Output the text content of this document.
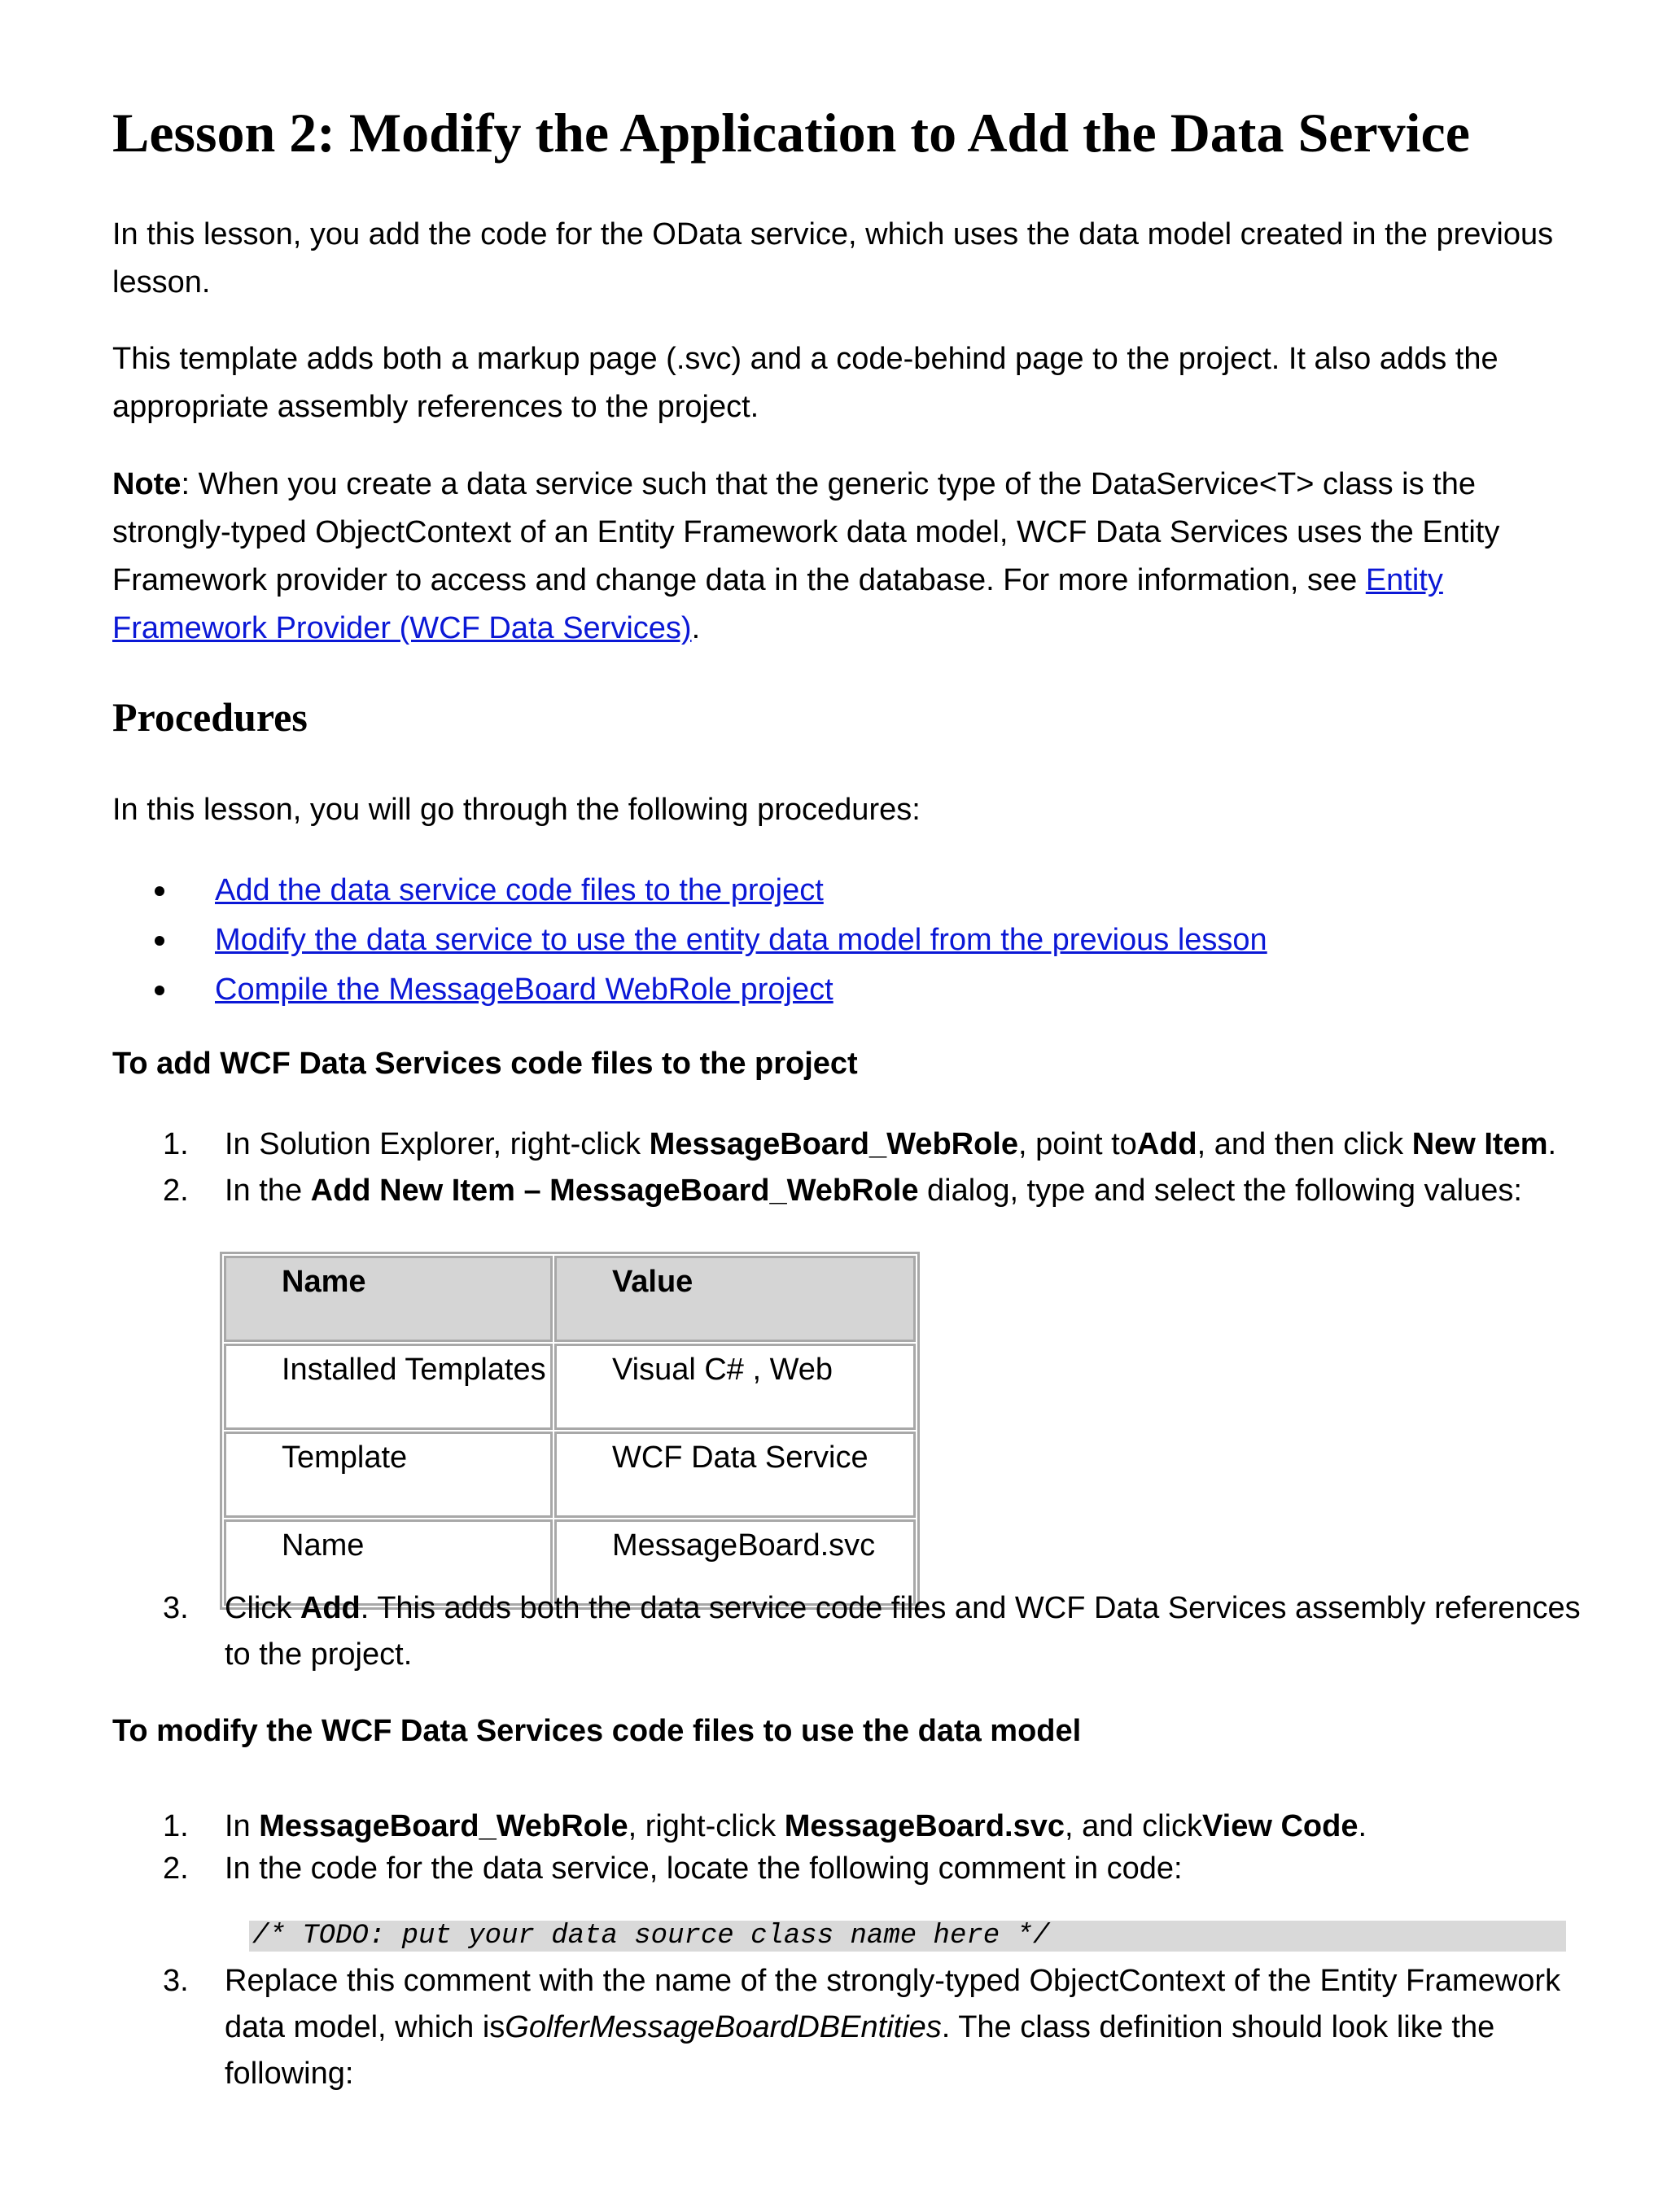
Lesson 2: Modify the Application to Add the Data Service
In this lesson, you add the code for the OData service, which uses the data model created in the previous lesson.
This template adds both a markup page (.svc) and a code-behind page to the project. It also adds the appropriate assembly references to the project.
Note: When you create a data service such that the generic type of the DataService<T> class is the strongly-typed ObjectContext of an Entity Framework data model, WCF Data Services uses the Entity Framework provider to access and change data in the database. For more information, see Entity Framework Provider (WCF Data Services).
Procedures
In this lesson, you will go through the following procedures:
Add the data service code files to the project
Modify the data service to use the entity data model from the previous lesson
Compile the MessageBoard WebRole project
To add WCF Data Services code files to the project
1.	In Solution Explorer, right-click MessageBoard_WebRole, point toAdd, and then click New Item.
2.	In the Add New Item – MessageBoard_WebRole dialog, type and select the following values:
Name	Value
Installed Templates	Visual C# , Web
Template	WCF Data Service
Name	MessageBoard.svc
3.	Click Add. This adds both the data service code files and WCF Data Services assembly references to the project.
To modify the WCF Data Services code files to use the data model
1.	In MessageBoard_WebRole, right-click MessageBoard.svc, and clickView Code.
2.	In the code for the data service, locate the following comment in code:
/* TODO: put your data source class name here */
3.	Replace this comment with the name of the strongly-typed ObjectContext of the Entity Framework data model, which isGolferMessageBoardDBEntities. The class definition should look like the following:
